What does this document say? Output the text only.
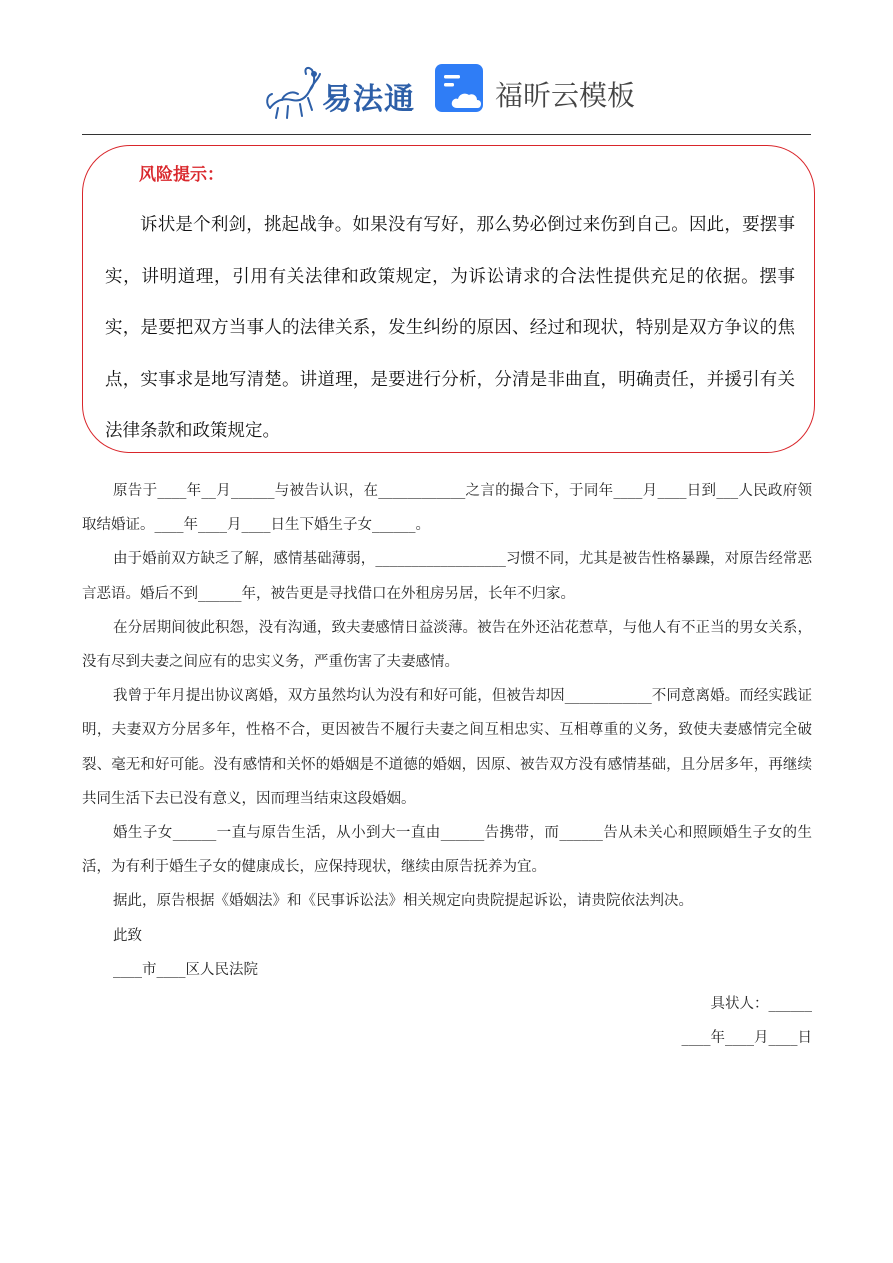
易法通	福昕云模板
风险提示：

诉状是个利剑，挑起战争。如果没有写好，那么势必倒过来伤到自己。因此，要摆事实，讲明道理，引用有关法律和政策规定，为诉讼请求的合法性提供充足的依据。摆事实，是要把双方当事人的法律关系，发生纠纷的原因、经过和现状，特别是双方争议的焦点，实事求是地写清楚。讲道理，是要进行分析，分清是非曲直，明确责任，并援引有关法律条款和政策规定。

原告于____年__月______与被告认识，在____________之言的撮合下，于同年____月____日到___人民政府领取结婚证。____年____月____日生下婚生子女______。

由于婚前双方缺乏了解，感情基础薄弱，__________________习惯不同，尤其是被告性格暴躁，对原告经常恶言恶语。婚后不到______年，被告更是寻找借口在外租房另居，长年不归家。

在分居期间彼此积怨，没有沟通，致夫妻感情日益淡薄。被告在外还沾花惹草，与他人有不正当的男女关系，没有尽到夫妻之间应有的忠实义务，严重伤害了夫妻感情。

我曾于年月提出协议离婚，双方虽然均认为没有和好可能，但被告却因____________不同意离婚。而经实践证明，夫妻双方分居多年，性格不合，更因被告不履行夫妻之间互相忠实、互相尊重的义务，致使夫妻感情完全破裂、毫无和好可能。没有感情和关怀的婚姻是不道德的婚姻，因原、被告双方没有感情基础，且分居多年，再继续共同生活下去已没有意义，因而理当结束这段婚姻。

婚生子女______一直与原告生活，从小到大一直由______告携带，而______告从未关心和照顾婚生子女的生活，为有利于婚生子女的健康成长，应保持现状，继续由原告抚养为宜。

据此，原告根据《婚姻法》和《民事诉讼法》相关规定向贵院提起诉讼，请贵院依法判决。

此致

____市____区人民法院

具状人：______

____年____月____日
